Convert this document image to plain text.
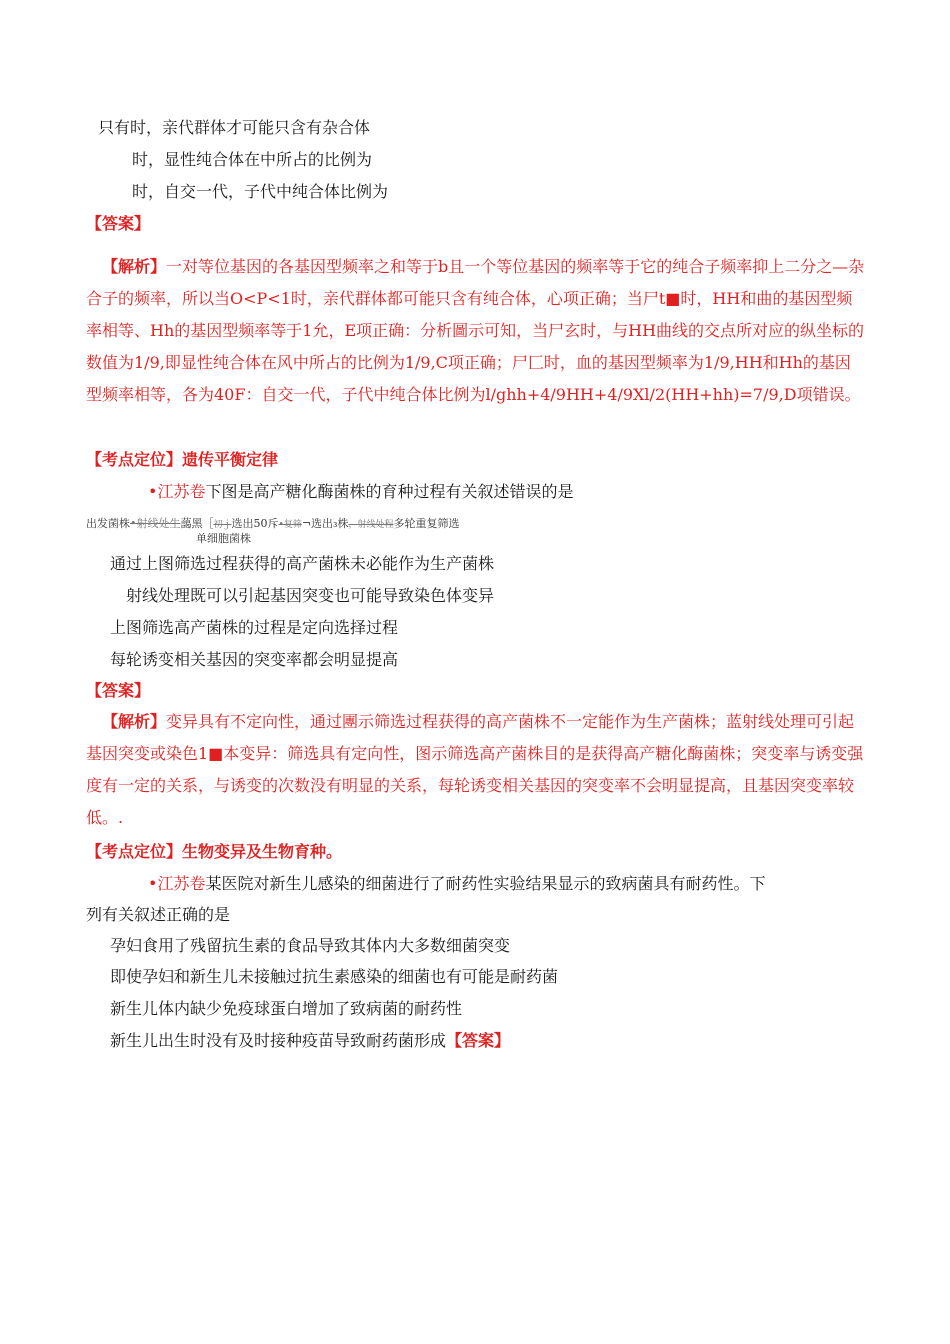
只有时，亲代群体才可能只含有杂合体
时，显性纯合体在中所占的比例为
时，自交一代，子代中纯合体比例为
【答案】
【解析】一对等位基因的各基因型频率之和等于b且一个等位基因的频率等于它的纯合子频率抑上二分之—杂合子的频率，所以当O<P<1时，亲代群体都可能只含有纯合体，心项正确；当尸t■时，HH和曲的基因型频率相等、Hh的基因型频率等于1允，E项正确：分析圖示可知，当尸玄时，与HH曲线的交点所对应的纵坐标的数值为1/9,即显性纯合体在风中所占的比例为1/9,C项正确；尸匚时，血的基因型频率为1/9,HH和Hh的基因型频率相等，各为40F：自交一代，子代中纯合体比例为l/ghh+4/9HH+4/9Xl/2(HH+hh)=7/9,D项错误。
【考点定位】遗传平衡定律
•江苏卷下图是高产糖化酶菌株的育种过程有关叙述错误的是
出发菌株•射线处生藹黑［初ｊ选出50斥•复筛¬选出₃株，射线处程多轮重复筛选
单细胞菌株
通过上图筛选过程获得的高产菌株未必能作为生产菌株
射线处理既可以引起基因突变也可能导致染色体变异
上图筛选高产菌株的过程是定向选择过程
每轮诱变相关基因的突变率都会明显提高
【答案】
【解析】变异具有不定向性，通过團示筛选过程获得的高产菌株不一定能作为生产菌株；蓝射线处理可引起基因突变或染色1■本变异：筛选具有定向性，图示筛选高产菌株目的是获得高产糖化酶菌株；突变率与诱变强度有一定的关系，与诱变的次数没有明显的关系，每轮诱变相关基因的突变率不会明显提高，且基因突变率较低。.
【考点定位】生物变异及生物育种。
•江苏卷某医院对新生儿感染的细菌进行了耐药性实验结果显示的致病菌具有耐药性。下
列有关叙述正确的是
孕妇食用了残留抗生素的食品导致其体内大多数细菌突变
即使孕妇和新生儿未接触过抗生素感染的细菌也有可能是耐药菌
新生儿体内缺少免疫球蛋白增加了致病菌的耐药性
新生儿出生时没有及时接种疫苗导致耐药菌形成【答案】
